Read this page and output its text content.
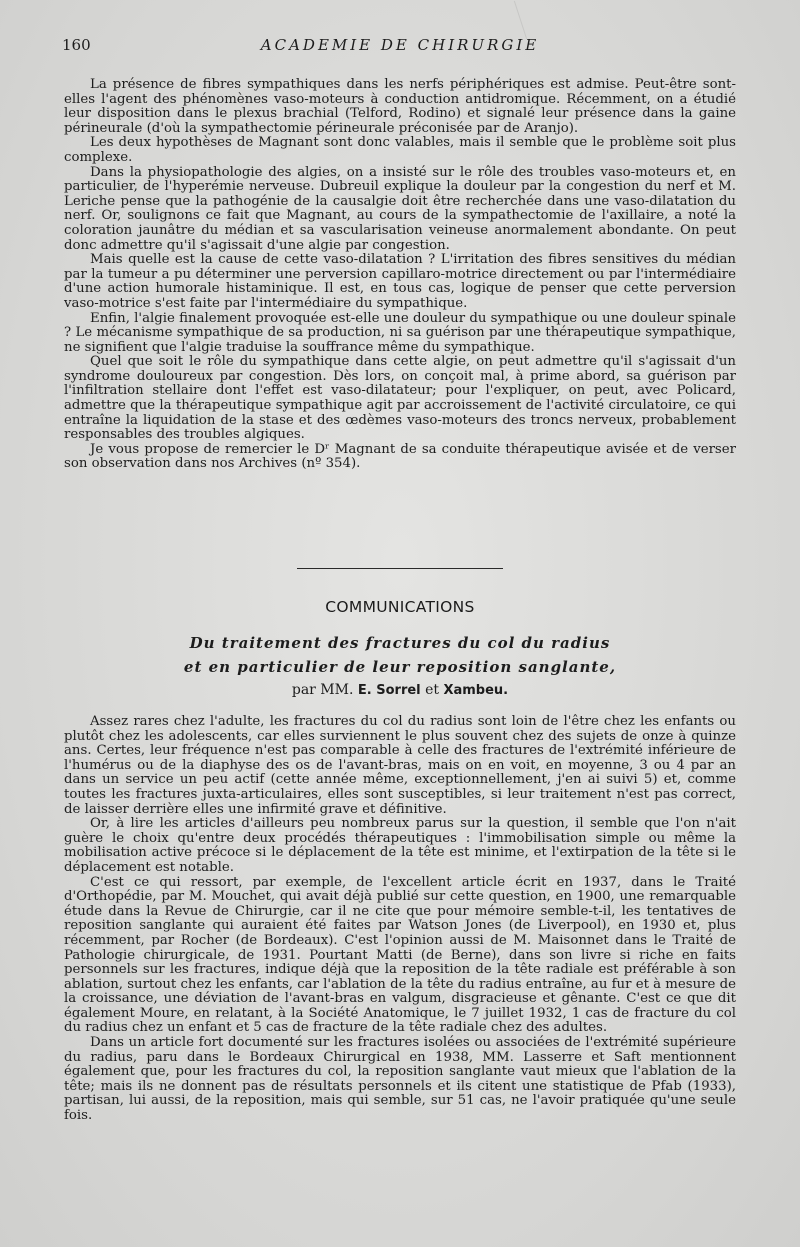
160	ACADEMIE DE CHIRURGIE

La présence de fibres sympathiques dans les nerfs périphériques est admise. Peut-être sont-elles l'agent des phénomènes vaso-moteurs à conduction antidromique. Récemment, on a étudié leur disposition dans le plexus brachial (Telford, Rodino) et signalé leur présence dans la gaine périneurale (d'où la sympathectomie périneurale préconisée par de Aranjo).

Les deux hypothèses de Magnant sont donc valables, mais il semble que le problème soit plus complexe.

Dans la physiopathologie des algies, on a insisté sur le rôle des troubles vaso-moteurs et, en particulier, de l'hyperémie nerveuse. Dubreuil explique la douleur par la congestion du nerf et M. Leriche pense que la pathogénie de la causalgie doit être recherchée dans une vaso-dilatation du nerf. Or, soulignons ce fait que Magnant, au cours de la sympathectomie de l'axillaire, a noté la coloration jaunâtre du médian et sa vascularisation veineuse anormalement abondante. On peut donc admettre qu'il s'agissait d'une algie par congestion.

Mais quelle est la cause de cette vaso-dilatation ? L'irritation des fibres sensitives du médian par la tumeur a pu déterminer une perversion capillaro-motrice directement ou par l'intermédiaire d'une action humorale histaminique. Il est, en tous cas, logique de penser que cette perversion vaso-motrice s'est faite par l'intermédiaire du sympathique.

Enfin, l'algie finalement provoquée est-elle une douleur du sympathique ou une douleur spinale ? Le mécanisme sympathique de sa production, ni sa guérison par une thérapeutique sympathique, ne signifient que l'algie traduise la souffrance même du sympathique.

Quel que soit le rôle du sympathique dans cette algie, on peut admettre qu'il s'agissait d'un syndrome douloureux par congestion. Dès lors, on conçoit mal, à prime abord, sa guérison par l'infiltration stellaire dont l'effet est vaso-dilatateur; pour l'expliquer, on peut, avec Policard, admettre que la thérapeutique sympathique agit par accroissement de l'activité circulatoire, ce qui entraîne la liquidation de la stase et des œdèmes vaso-moteurs des troncs nerveux, probablement responsables des troubles algiques.

Je vous propose de remercier le Dʳ Magnant de sa conduite thérapeutique avisée et de verser son observation dans nos Archives (nº 354).

COMMUNICATIONS
Du traitement des fractures du col du radius
et en particulier de leur reposition sanglante,
par MM. E. Sorrel et Xambeu.

Assez rares chez l'adulte, les fractures du col du radius sont loin de l'être chez les enfants ou plutôt chez les adolescents, car elles surviennent le plus souvent chez des sujets de onze à quinze ans. Certes, leur fréquence n'est pas comparable à celle des fractures de l'extrémité inférieure de l'humérus ou de la diaphyse des os de l'avant-bras, mais on en voit, en moyenne, 3 ou 4 par an dans un service un peu actif (cette année même, exceptionnellement, j'en ai suivi 5) et, comme toutes les fractures juxta-articulaires, elles sont susceptibles, si leur traitement n'est pas correct, de laisser derrière elles une infirmité grave et définitive.

Or, à lire les articles d'ailleurs peu nombreux parus sur la question, il semble que l'on n'ait guère le choix qu'entre deux procédés thérapeutiques : l'immobilisation simple ou même la mobilisation active précoce si le déplacement de la tête est minime, et l'extirpation de la tête si le déplacement est notable.

C'est ce qui ressort, par exemple, de l'excellent article écrit en 1937, dans le Traité d'Orthopédie, par M. Mouchet, qui avait déjà publié sur cette question, en 1900, une remarquable étude dans la Revue de Chirurgie, car il ne cite que pour mémoire semble-t-il, les tentatives de reposition sanglante qui auraient été faites par Watson Jones (de Liverpool), en 1930 et, plus récemment, par Rocher (de Bordeaux). C'est l'opinion aussi de M. Maisonnet dans le Traité de Pathologie chirurgicale, de 1931. Pourtant Matti (de Berne), dans son livre si riche en faits personnels sur les fractures, indique déjà que la reposition de la tête radiale est préférable à son ablation, surtout chez les enfants, car l'ablation de la tête du radius entraîne, au fur et à mesure de la croissance, une déviation de l'avant-bras en valgum, disgracieuse et gênante. C'est ce que dit également Moure, en relatant, à la Société Anatomique, le 7 juillet 1932, 1 cas de fracture du col du radius chez un enfant et 5 cas de fracture de la tête radiale chez des adultes.

Dans un article fort documenté sur les fractures isolées ou associées de l'extrémité supérieure du radius, paru dans le Bordeaux Chirurgical en 1938, MM. Lasserre et Saft mentionnent également que, pour les fractures du col, la reposition sanglante vaut mieux que l'ablation de la tête; mais ils ne donnent pas de résultats personnels et ils citent une statistique de Pfab (1933), partisan, lui aussi, de la reposition, mais qui semble, sur 51 cas, ne l'avoir pratiquée qu'une seule fois.
